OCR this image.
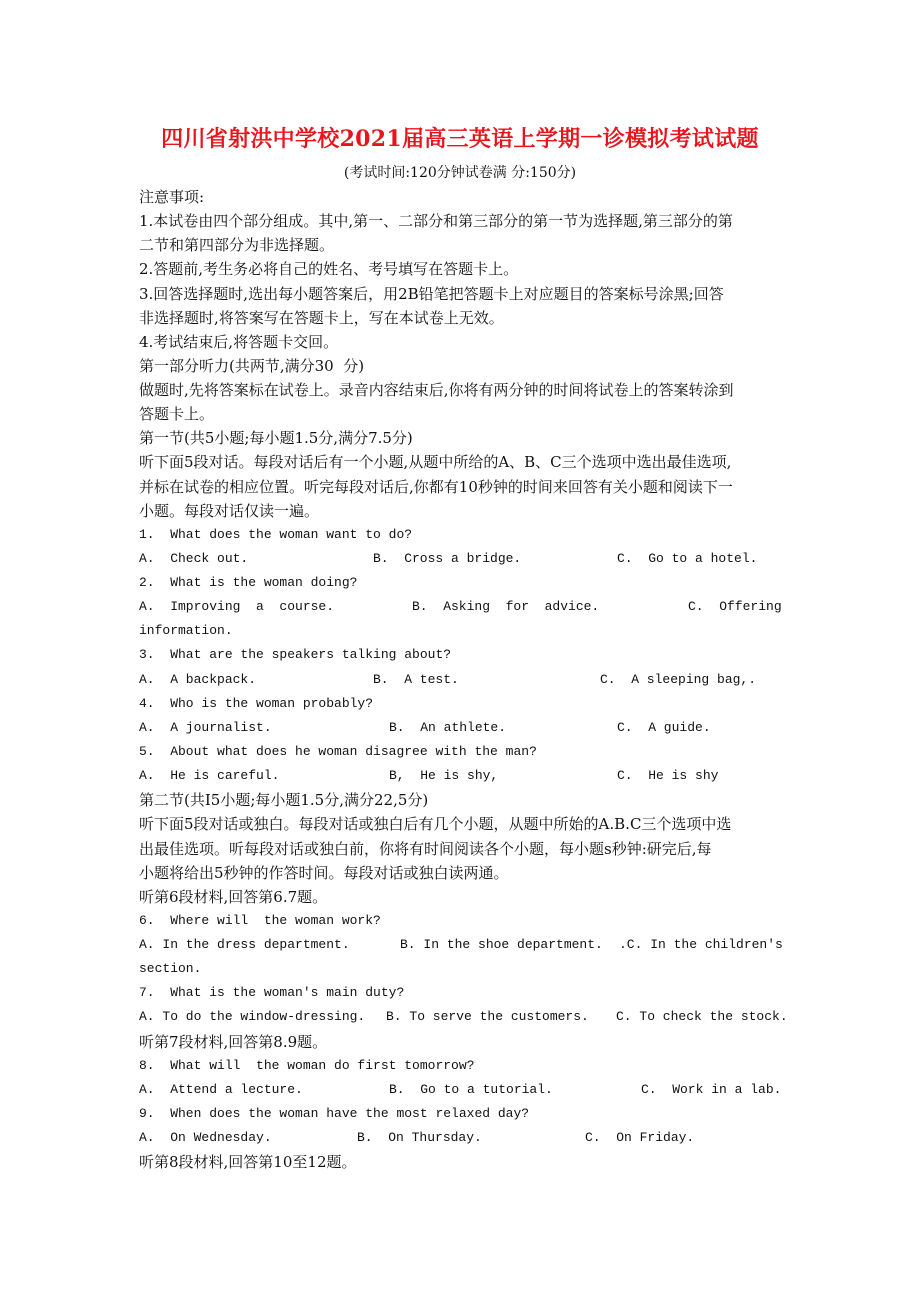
四川省射洪中学校2021届高三英语上学期一诊模拟考试试题
(考试时间:120分钟试卷满 分:150分)
注意事项:
1.本试卷由四个部分组成。其中,第一、二部分和第三部分的第一节为选择题,第三部分的第
二节和第四部分为非选择题。
2.答题前,考生务必将自己的姓名、考号填写在答题卡上。
3.回答选择题时,选出每小题答案后，用2B铅笔把答题卡上对应题目的答案标号涂黑;回答
非选择题时,将答案写在答题卡上，写在本试卷上无效。
4.考试结束后,将答题卡交回。
第一部分听力(共两节,满分30  分)
做题时,先将答案标在试卷上。录音内容结束后,你将有两分钟的时间将试卷上的答案转涂到
答题卡上。
第一节(共5小题;每小题1.5分,满分7.5分)
听下面5段对话。每段对话后有一个小题,从题中所给的A、B、C三个选项中选出最佳选项,
并标在试卷的相应位置。听完每段对话后,你都有10秒钟的时间来回答有关小题和阅读下一
小题。每段对话仅读一遍。
1.  What does the woman want to do?
A.  Check out.	B.  Cross a bridge.	C.  Go to a hotel.
2.  What is the woman doing?
A.  Improving  a  course.	B.  Asking  for  advice.	C.  Offering
information.
3.  What are the speakers talking about?
A.  A backpack.	B.  A test.	C.  A sleeping bag,.
4.  Who is the woman probably?
A.  A journalist.	B.  An athlete.	C.  A guide.
5.  About what does he woman disagree with the man?
A.  He is careful.	B,  He is shy,	C.  He is shy
第二节(共I5小题;每小题1.5分,满分22,5分)
听下面5段对话或独白。每段对话或独白后有几个小题，从题中所始的A.B.C三个选项中选
出最佳选项。听每段对话或独白前，你将有时间阅读各个小题，每小题s秒钟:研完后,每
小题将给出5秒钟的作答时间。每段对话或独白读两通。
听第6段材料,回答第6.7题。
6.  Where will  the woman work?
A. In the dress department.	B. In the shoe department. .C. In the children's
section.
7.  What is the woman's main duty?
A. To do the window-dressing. B. To serve the customers. C. To check the stock.
听第7段材料,回答第8.9题。
8.  What will  the woman do first tomorrow?
A.  Attend a lecture.	B.  Go to a tutorial.	C.  Work in a lab.
9.  When does the woman have the most relaxed day?
A.  On Wednesday.	B.  On Thursday.	C.  On Friday.
听第8段材料,回答第10至12题。
